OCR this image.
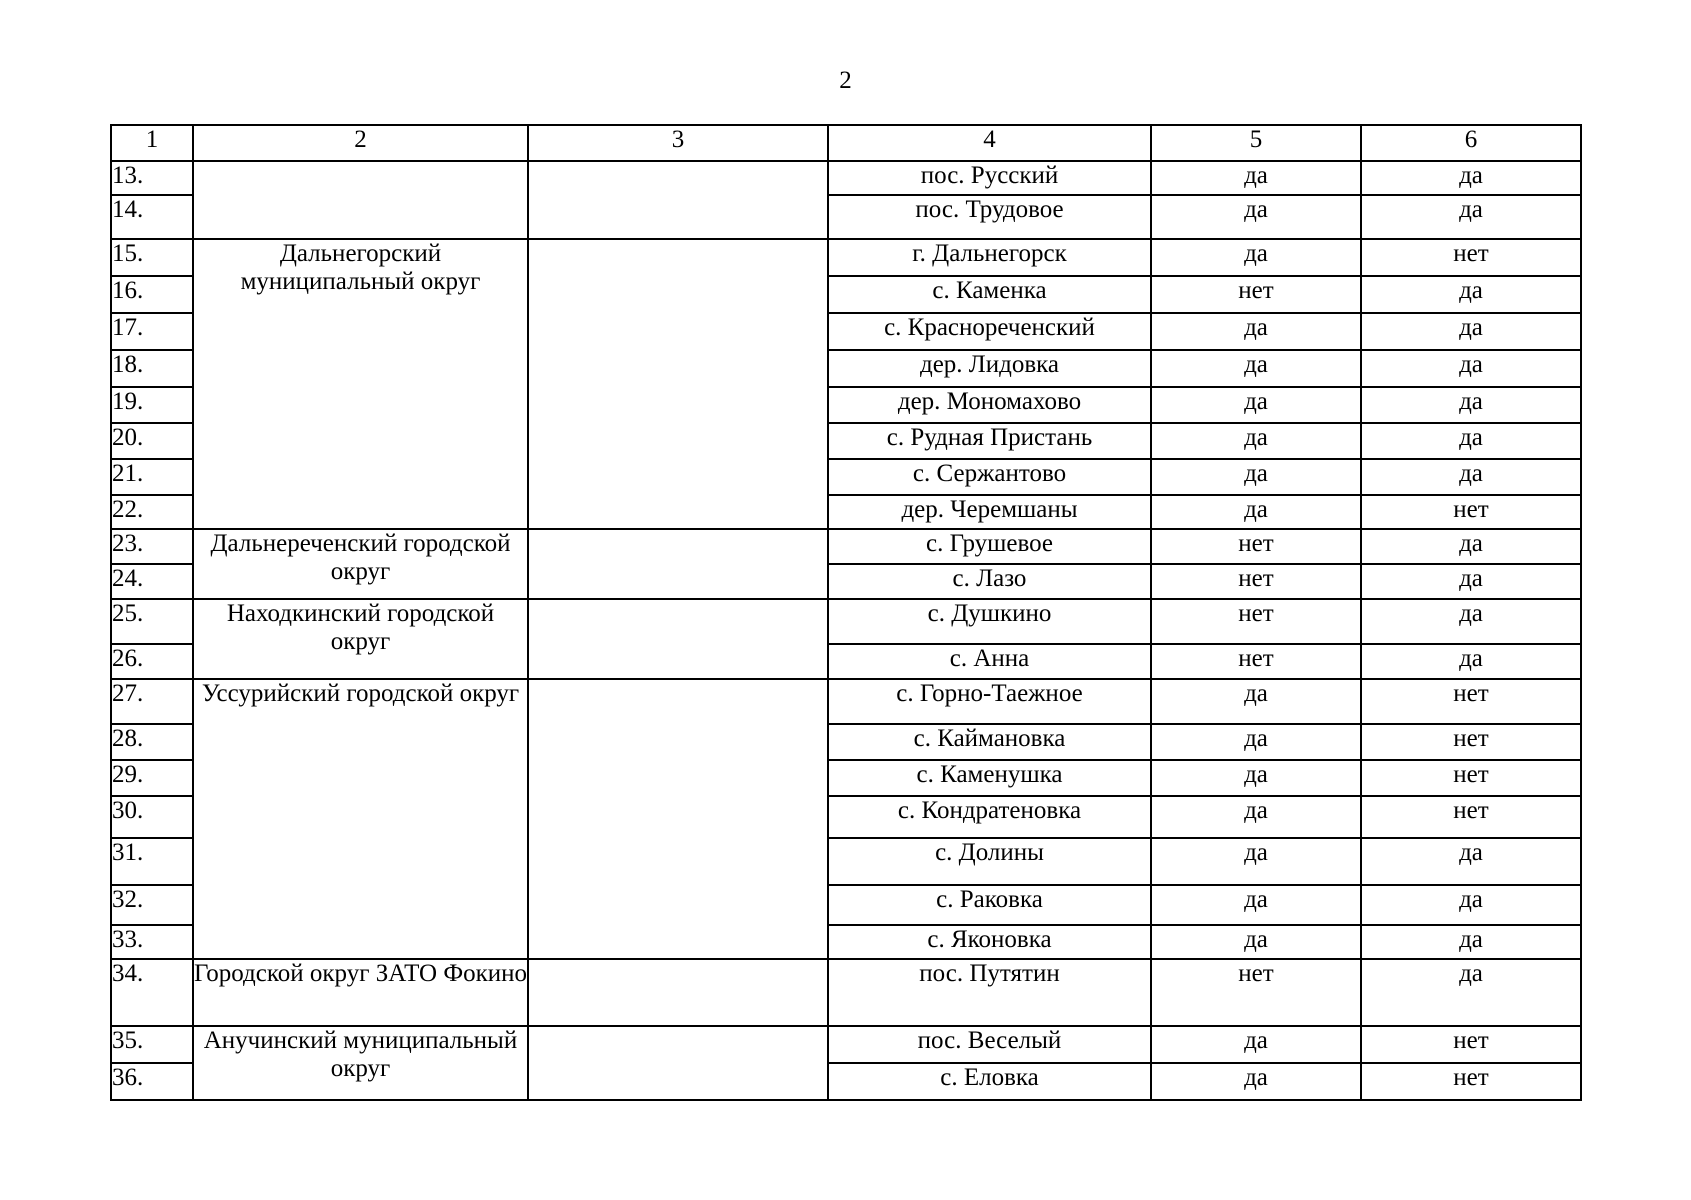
2
1	2	3	4	5	6
13.			пос. Русский	да	да
14.			пос. Трудовое	да	да
15.	Дальнегорский муниципальный округ		г. Дальнегорск	да	нет
16.			с. Каменка	нет	да
17.			с. Краснореченский	да	да
18.			дер. Лидовка	да	да
19.			дер. Мономахово	да	да
20.			с. Рудная Пристань	да	да
21.			с. Сержантово	да	да
22.			дер. Черемшаны	да	нет
23.	Дальнереченский городской округ		с. Грушевое	нет	да
24.			с. Лазо	нет	да
25.	Находкинский городской округ		с. Душкино	нет	да
26.			с. Анна	нет	да
27.	Уссурийский городской округ		с. Горно-Таежное	да	нет
28.			с. Каймановка	да	нет
29.			с. Каменушка	да	нет
30.			с. Кондратеновка	да	нет
31.			с. Долины	да	да
32.			с. Раковка	да	да
33.			с. Яконовка	да	да
34.	Городской округ ЗАТО Фокино		пос. Путятин	нет	да
35.	Анучинский муниципальный округ		пос. Веселый	да	нет
36.			с. Еловка	да	нет
